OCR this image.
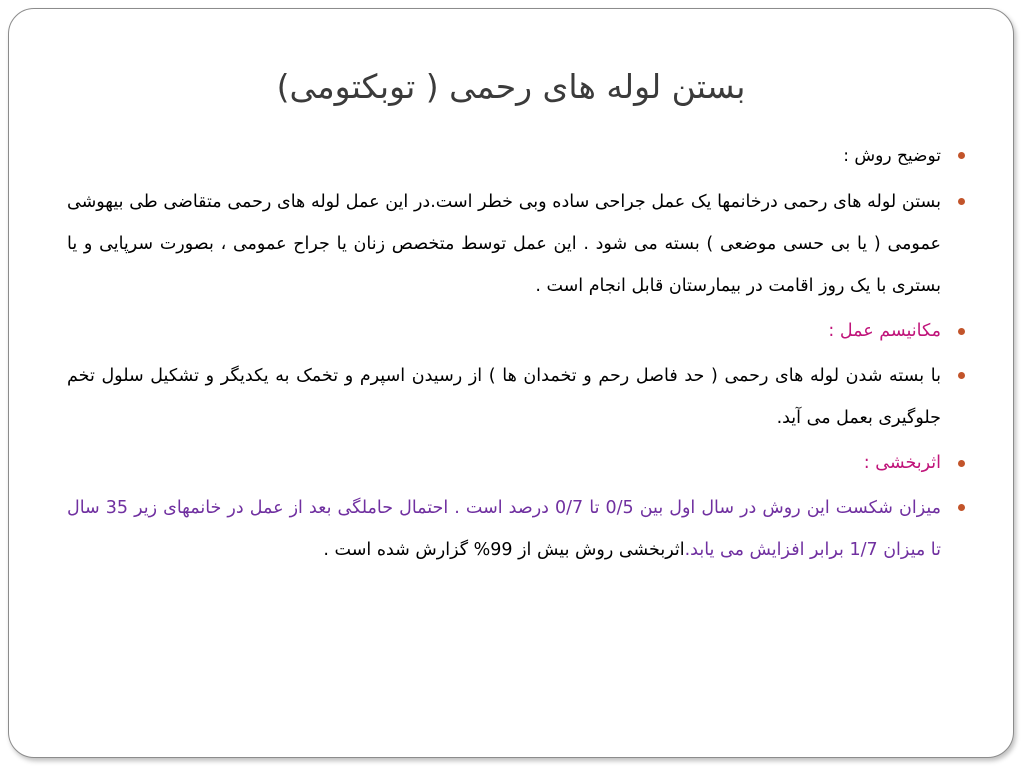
بستن لوله های رحمی ( توبکتومی)

توضیح روش :

بستن لوله های رحمی درخانمها یک عمل جراحی ساده وبی خطر است.در این عمل لوله های رحمی متقاضی طی بیهوشی عمومی ( یا بی حسی موضعی ) بسته می شود . این عمل توسط متخصص زنان یا جراح عمومی ، بصورت سرپایی و یا بستری با یک روز اقامت در بیمارستان قابل انجام است .

مکانیسم عمل :

با بسته شدن لوله های رحمی ( حد فاصل رحم و تخمدان ها ) از رسیدن اسپرم و تخمک به یکدیگر و تشکیل سلول تخم جلوگیری بعمل می آید.

اثربخشی :

میزان شکست این روش در سال اول بین 0/5 تا 0/7 درصد است . احتمال حاملگی بعد از عمل در خانمهای زیر 35 سال تا میزان 1/7 برابر افزایش می یابد.اثربخشی روش بیش از 99% گزارش شده است .
